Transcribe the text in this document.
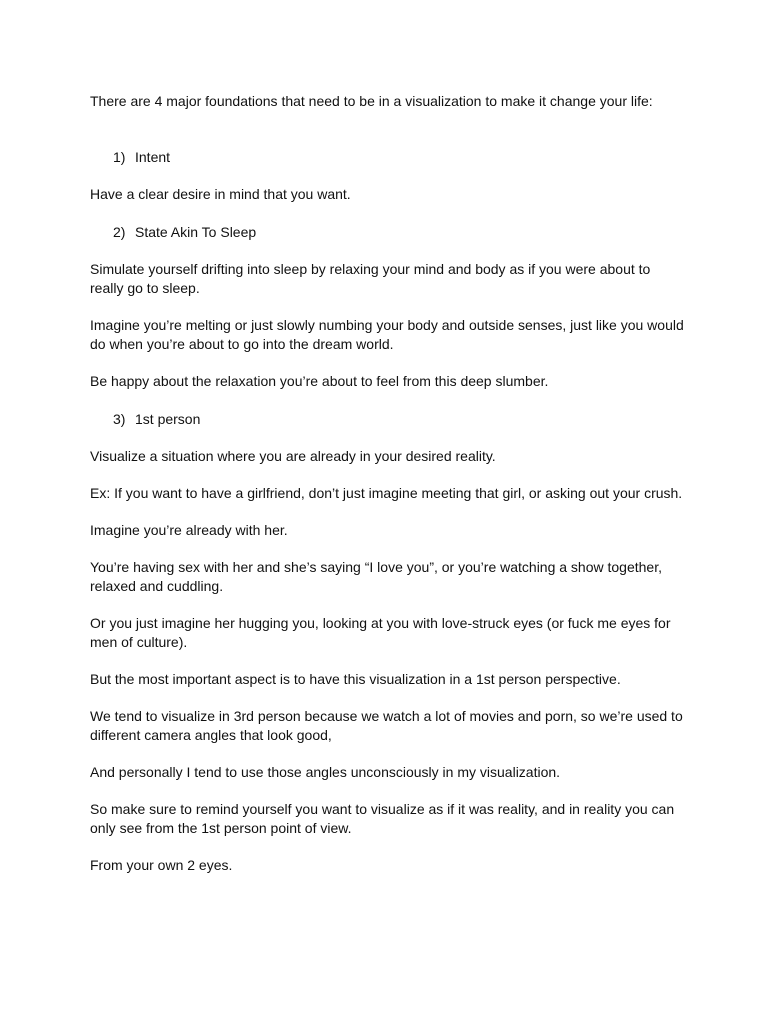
There are 4 major foundations that need to be in a visualization to make it change your life:

1) Intent

Have a clear desire in mind that you want.

2) State Akin To Sleep

Simulate yourself drifting into sleep by relaxing your mind and body as if you were about to really go to sleep.

Imagine you’re melting or just slowly numbing your body and outside senses, just like you would do when you’re about to go into the dream world.

Be happy about the relaxation you’re about to feel from this deep slumber.

3) 1st person

Visualize a situation where you are already in your desired reality.

Ex: If you want to have a girlfriend, don’t just imagine meeting that girl, or asking out your crush.

Imagine you’re already with her.

You’re having sex with her and she’s saying “I love you”, or you’re watching a show together, relaxed and cuddling.

Or you just imagine her hugging you, looking at you with love-struck eyes (or fuck me eyes for men of culture).

But the most important aspect is to have this visualization in a 1st person perspective.

We tend to visualize in 3rd person because we watch a lot of movies and porn, so we’re used to different camera angles that look good,

And personally I tend to use those angles unconsciously in my visualization.

So make sure to remind yourself you want to visualize as if it was reality, and in reality you can only see from the 1st person point of view.

From your own 2 eyes.
